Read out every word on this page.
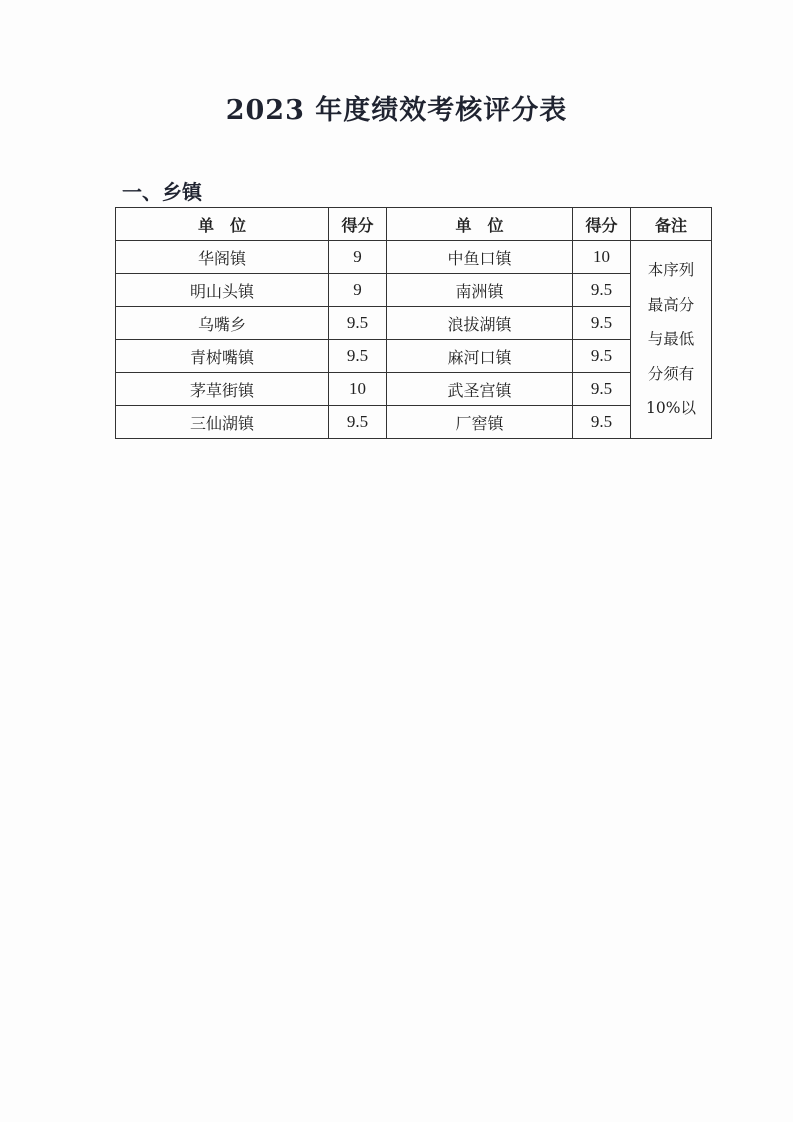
2023 年度绩效考核评分表
一、乡镇
单　位	得分	单　位	得分	备注
华阁镇	9	中鱼口镇	10	本序列
最高分
与最低
分须有
10%以

明山头镇	9	南洲镇	9.5	
乌嘴乡	9.5	浪拔湖镇	9.5	
青树嘴镇	9.5	麻河口镇	9.5	
茅草街镇	10	武圣宫镇	9.5	
三仙湖镇	9.5	厂窖镇	9.5	
